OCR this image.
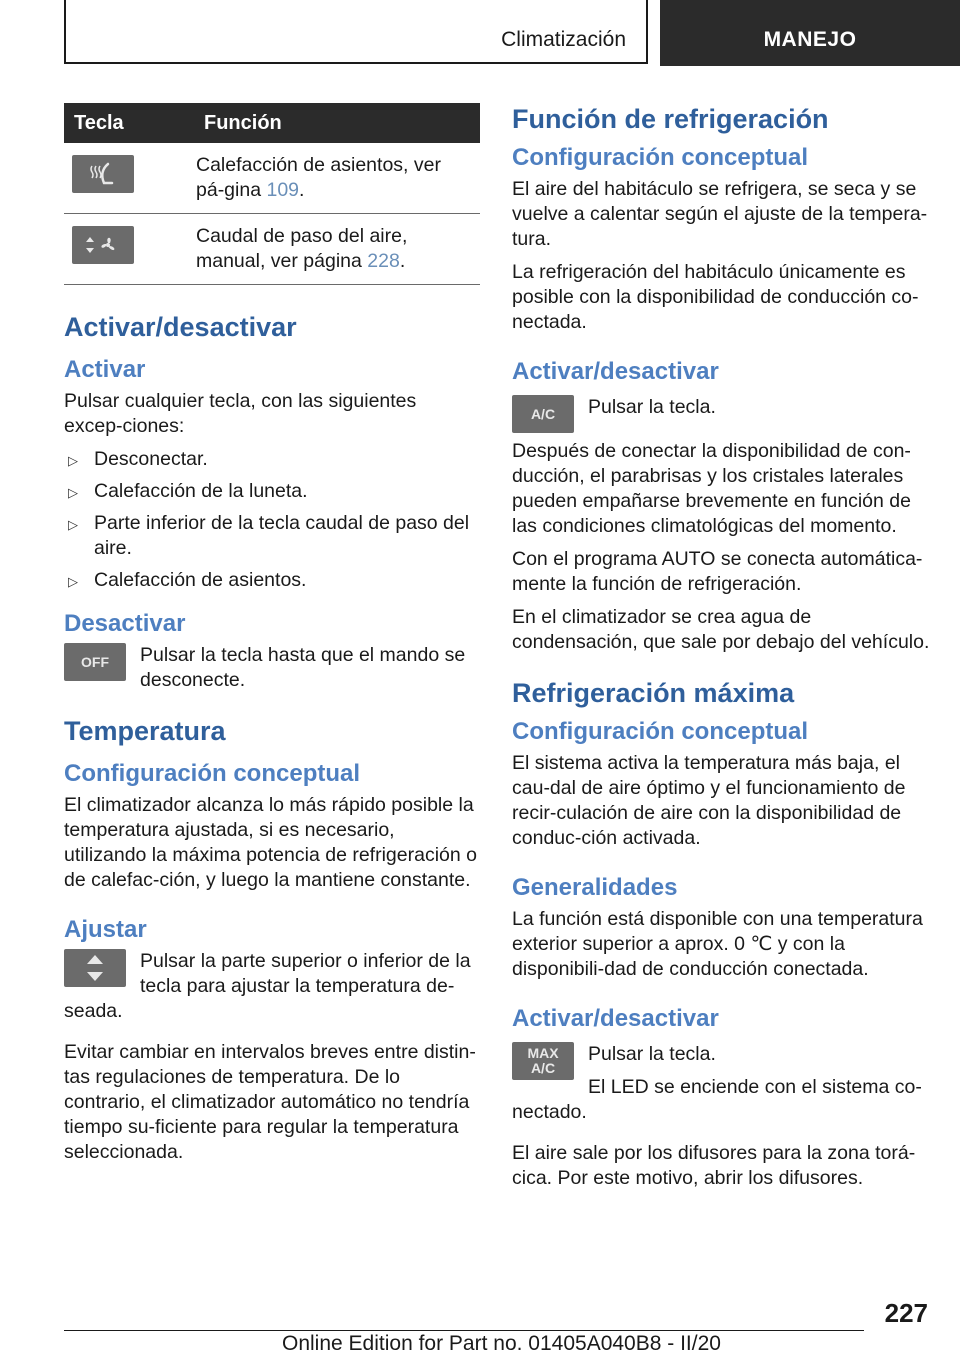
Climatización	MANEJO
Tecla	Función

	Calefacción de asientos, ver pá-gina 109.

	Caudal de paso del aire, manual, ver página 228.
Activar/desactivar
Activar

Pulsar cualquier tecla, con las siguientes excep-ciones:

▷ Desconectar.
▷ Calefacción de la luneta.
▷ Parte inferior de la tecla caudal de paso del aire.
▷ Calefacción de asientos.
Desactivar
OFF	Pulsar la tecla hasta que el mando se desconecte.

Temperatura
Configuración conceptual

El climatizador alcanza lo más rápido posible la temperatura ajustada, si es necesario, utilizando la máxima potencia de refrigeración o de calefac-ción, y luego la mantiene constante.

Ajustar

Pulsar la parte superior o inferior de la tecla para ajustar la temperatura de-seada.

Evitar cambiar en intervalos breves entre distin-tas regulaciones de temperatura. De lo contrario, el climatizador automático no tendría tiempo su-ficiente para regular la temperatura seleccionada.

Función de refrigeración
Configuración conceptual

El aire del habitáculo se refrigera, se seca y se vuelve a calentar según el ajuste de la tempera-tura.

La refrigeración del habitáculo únicamente es posible con la disponibilidad de conducción co-nectada.

Activar/desactivar
A/C	Pulsar la tecla.

Después de conectar la disponibilidad de con-ducción, el parabrisas y los cristales laterales pueden empañarse brevemente en función de las condiciones climatológicas del momento.

Con el programa AUTO se conecta automática-mente la función de refrigeración.

En el climatizador se crea agua de condensación, que sale por debajo del vehículo.

Refrigeración máxima
Configuración conceptual

El sistema activa la temperatura más baja, el cau-dal de aire óptimo y el funcionamiento de recir-culación de aire con la disponibilidad de conduc-ción activada.

Generalidades

La función está disponible con una temperatura exterior superior a aprox. 0 ℃ y con la disponibili-dad de conducción conectada.

Activar/desactivar
MAX
A/C

Pulsar la tecla.

El LED se enciende con el sistema co-nectado.

El aire sale por los difusores para la zona torá-cica. Por este motivo, abrir los difusores.

227
Online Edition for Part no. 01405A040B8 - II/20
